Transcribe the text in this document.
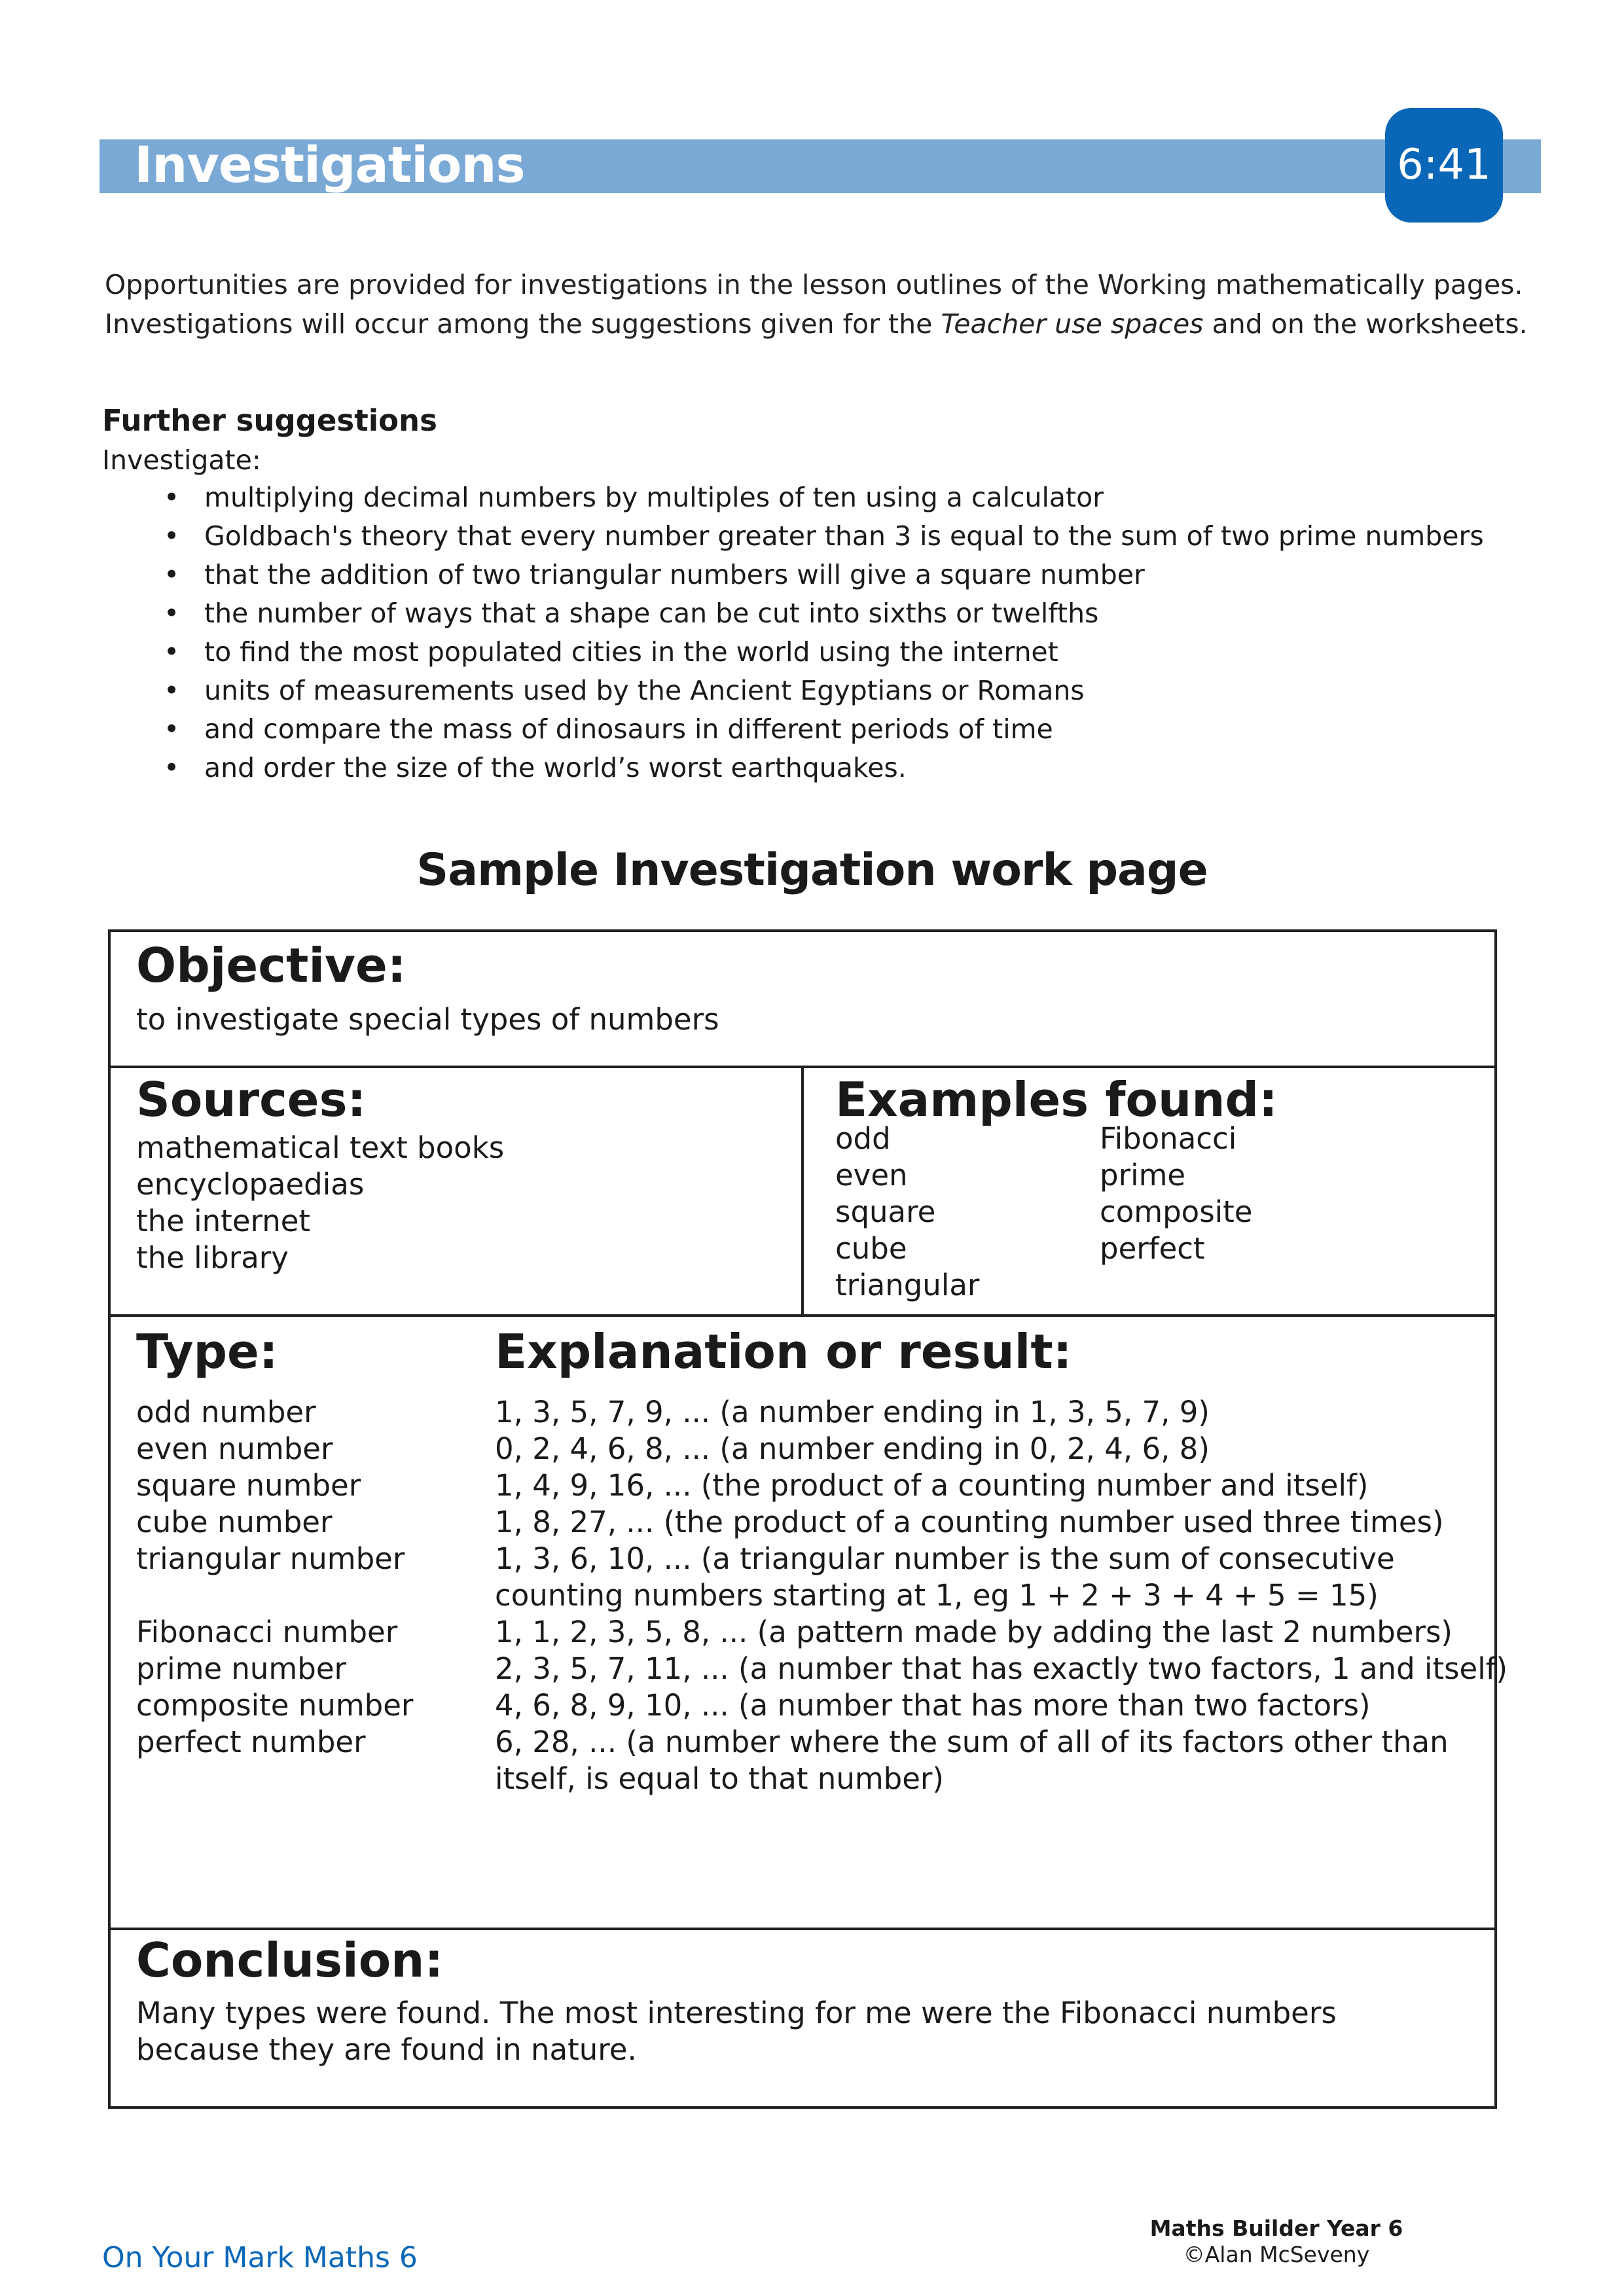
Investigations	6:41

Opportunities are provided for investigations in the lesson outlines of the Working mathematically pages.

Investigations will occur among the suggestions given for the Teacher use spaces and on the worksheets.

Further suggestions
Investigate:
• multiplying decimal numbers by multiples of ten using a calculator
• Goldbach's theory that every number greater than 3 is equal to the sum of two prime numbers
• that the addition of two triangular numbers will give a square number
• the number of ways that a shape can be cut into sixths or twelfths
• to find the most populated cities in the world using the internet
• units of measurements used by the Ancient Egyptians or Romans
• and compare the mass of dinosaurs in different periods of time
• and order the size of the world’s worst earthquakes.
Sample Investigation work page
Objective:
to investigate special types of numbers
Sources:
mathematical text books
encyclopaedias
the internet
the library
Examples found:
odd
even
square
cube
triangular
Fibonacci
prime
composite
perfect
Type:	Explanation or result:
odd number
even number
square number
cube number
triangular number
Fibonacci number
prime number
composite number
perfect number
1, 3, 5, 7, 9, ... (a number ending in 1, 3, 5, 7, 9)
0, 2, 4, 6, 8, ... (a number ending in 0, 2, 4, 6, 8)
1, 4, 9, 16, ... (the product of a counting number and itself)
1, 8, 27, ... (the product of a counting number used three times)
1, 3, 6, 10, ... (a triangular number is the sum of consecutive
counting numbers starting at 1, eg 1 + 2 + 3 + 4 + 5 = 15)
1, 1, 2, 3, 5, 8, ... (a pattern made by adding the last 2 numbers)
2, 3, 5, 7, 11, ... (a number that has exactly two factors, 1 and itself)
4, 6, 8, 9, 10, ... (a number that has more than two factors)
6, 28, ... (a number where the sum of all of its factors other than
itself, is equal to that number)
Conclusion:
Many types were found. The most interesting for me were the Fibonacci numbers
because they are found in nature.
On Your Mark Maths 6
Maths Builder Year 6
©Alan McSeveny
